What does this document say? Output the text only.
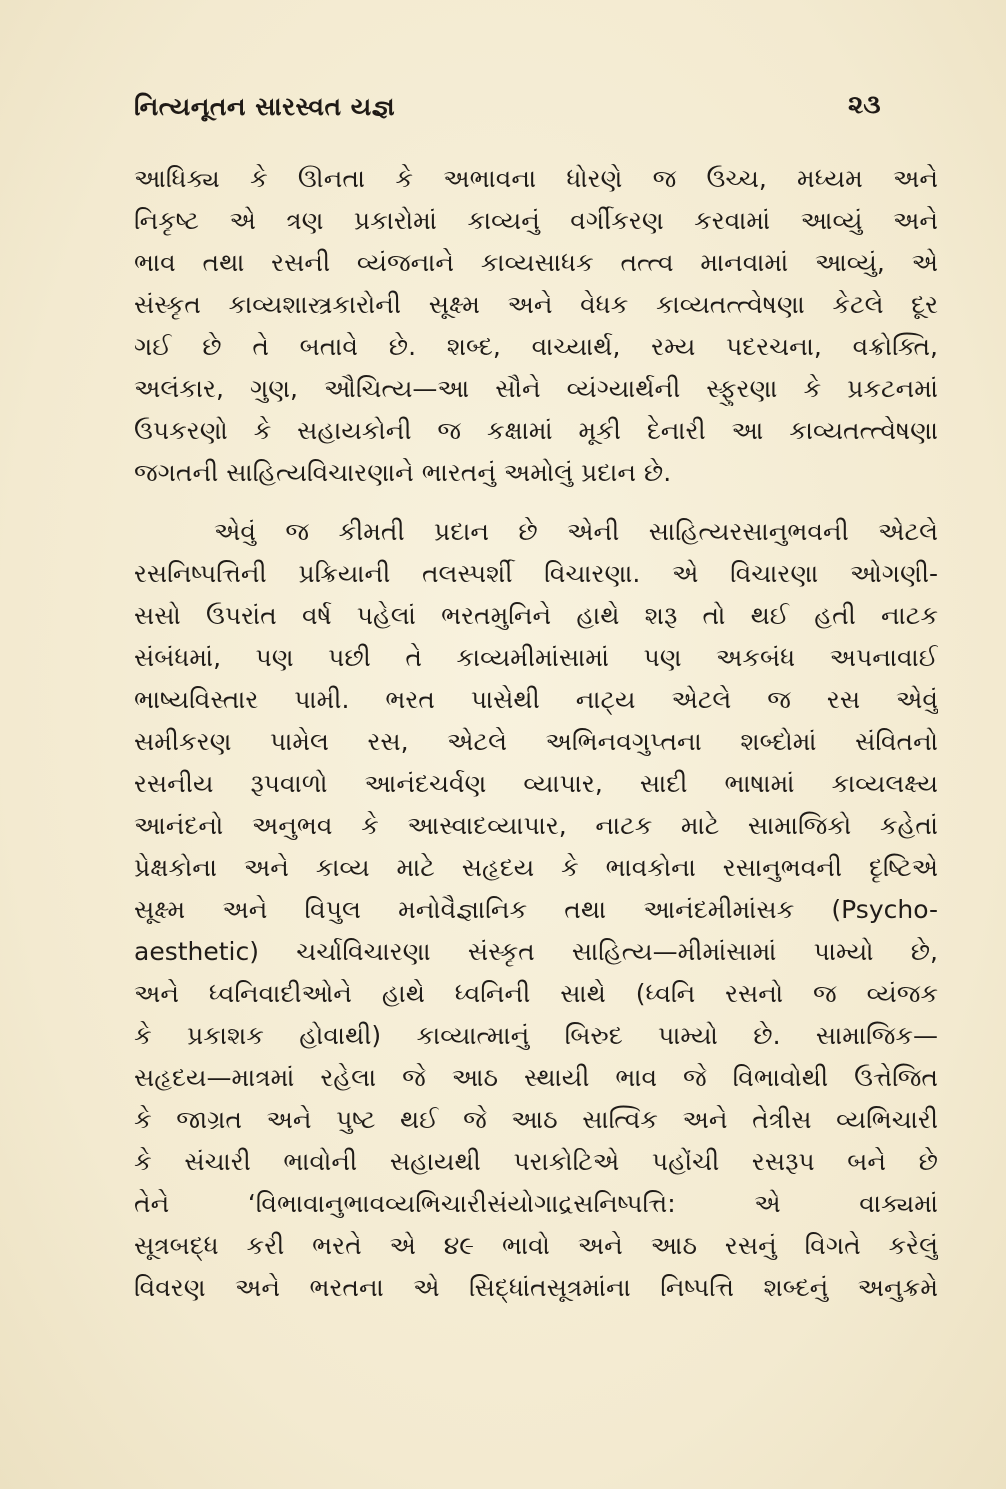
નિત્યનૂતન સારસ્વત યજ્ઞ	૨૩
આધિક્ય કે ઊનતા કે અભાવના ધોરણે જ ઉચ્ચ, મધ્યમ અને
નિકૃષ્ટ એ ત્રણ પ્રકારોમાં કાવ્યનું વર્ગીકરણ કરવામાં આવ્યું અને
ભાવ તથા રસની વ્યંજનાને કાવ્યસાધક તત્ત્વ માનવામાં આવ્યું, એ
સંસ્કૃત કાવ્યશાસ્ત્રકારોની સૂક્ષ્મ અને વેધક કાવ્યતત્ત્વેષણા કેટલે દૂર
ગઈ છે તે બતાવે છે. શબ્દ, વાચ્યાર્થ, રમ્ય પદરચના, વક્રોક્તિ,
અલંકાર, ગુણ, ઔચિત્ય—આ સૌને વ્યંગ્યાર્થની સ્ફુરણા કે પ્રકટનમાં
ઉપકરણો કે સહાયકોની જ કક્ષામાં મૂકી દેનારી આ કાવ્યતત્ત્વેષણા
જગતની સાહિત્યવિચારણાને ભારતનું અમોલું પ્રદાન છે.
એવું જ કીમતી પ્રદાન છે એની સાહિત્યરસાનુભવની એટલે
રસનિષ્પત્તિની પ્રક્રિયાની તલસ્પર્શી વિચારણા. એ વિચારણા ઓગણી-
સસો ઉપરાંત વર્ષ પહેલાં ભરતમુનિને હાથે શરૂ તો થઈ હતી નાટક
સંબંધમાં, પણ પછી તે કાવ્યમીમાંસામાં પણ અકબંધ અપનાવાઈ
ભાષ્યવિસ્તાર પામી. ભરત પાસેથી નાટ્ય એટલે જ રસ એવું
સમીકરણ પામેલ રસ, એટલે અભિનવગુપ્તના શબ્દોમાં સંવિતનો
રસનીય રૂપવાળો આનંદચર્વણ વ્યાપાર, સાદી ભાષામાં કાવ્યલક્ષ્ય
આનંદનો અનુભવ કે આસ્વાદવ્યાપાર, નાટક માટે સામાજિકો કહેતાં
પ્રેક્ષકોના અને કાવ્ય માટે સહૃદય કે ભાવકોના રસાનુભવની દૃષ્ટિએ
સૂક્ષ્મ અને વિપુલ મનોવૈજ્ઞાનિક તથા આનંદમીમાંસક (Psycho-
aesthetic) ચર્ચાવિચારણા સંસ્કૃત સાહિત્ય—મીમાંસામાં પામ્યો છે,
અને ધ્વનિવાદીઓને હાથે ધ્વનિની સાથે (ધ્વનિ રસનો જ વ્યંજક
કે પ્રકાશક હોવાથી) કાવ્યાત્માનું બિરુદ પામ્યો છે. સામાજિક—
સહૃદય—માત્રમાં રહેલા જે આઠ સ્થાયી ભાવ જે વિભાવોથી ઉત્તેજિત
કે જાગ્રત અને પુષ્ટ થઈ જે આઠ સાત્વિક અને તેત્રીસ વ્યભિચારી
કે સંચારી ભાવોની સહાયથી પરાકોટિએ પહોંચી રસરૂપ બને છે
તેને ‘વિભાવાનુભાવવ્યભિચારીસંયોગાદ્રસનિષ્પત્તિ: એ વાક્યમાં
સૂત્રબદ્ધ કરી ભરતે એ ૪૯ ભાવો અને આઠ રસનું વિગતે કરેલું
વિવરણ અને ભરતના એ સિદ્ધાંતસૂત્રમાંના નિષ્પત્તિ શબ્દનું અનુક્રમે
